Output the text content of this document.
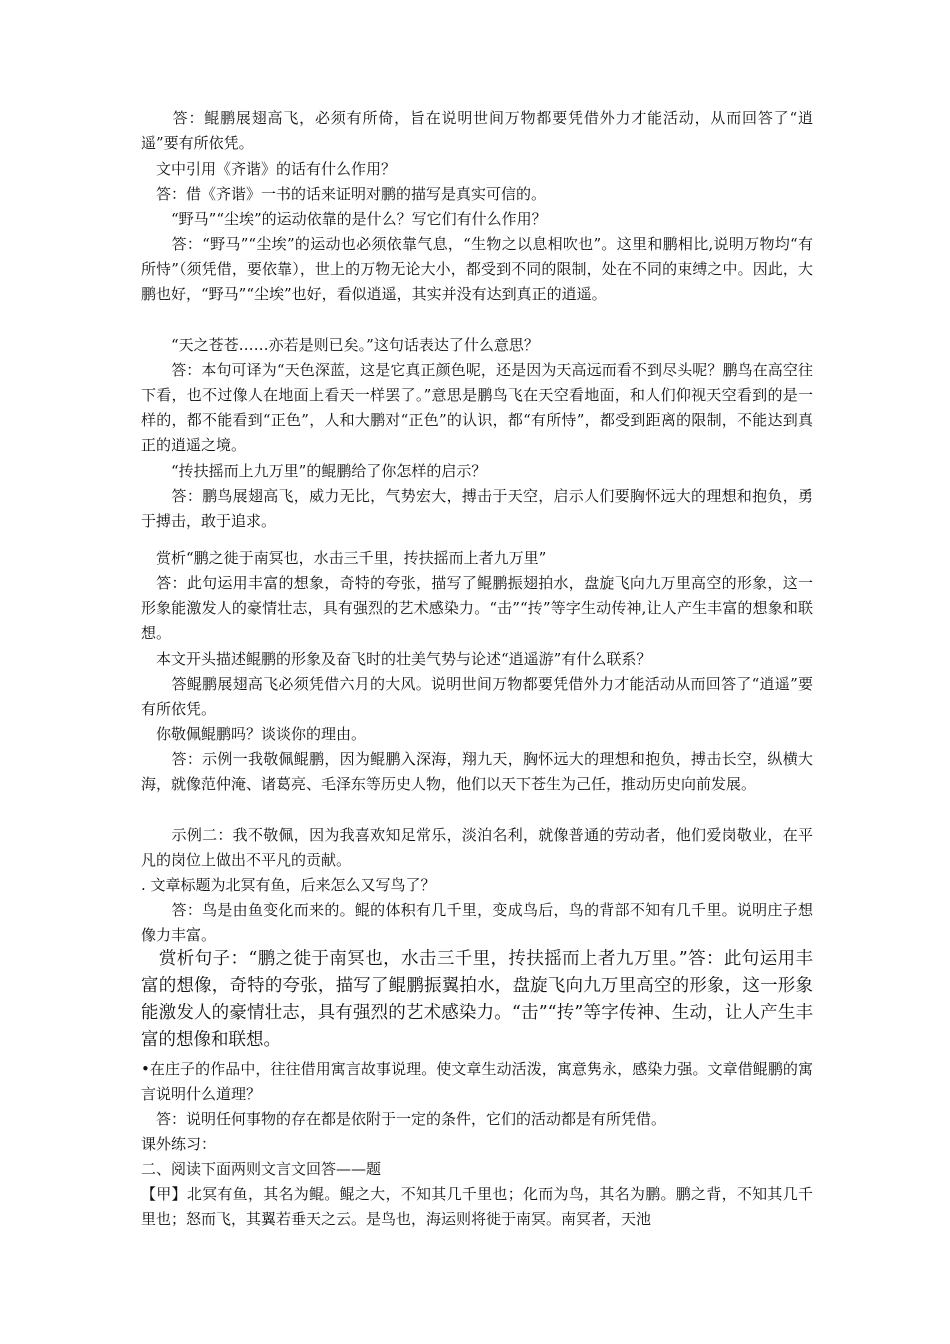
　　答：鲲鹏展翅高飞，必须有所倚，旨在说明世间万物都要凭借外力才能活动，从而回答了“逍遥”要有所依凭。

　文中引用《齐谐》的话有什么作用？

　答：借《齐谐》一书的话来证明对鹏的描写是真实可信的。

　　“野马”“尘埃”的运动依靠的是什么？写它们有什么作用？

　　答：“野马”“尘埃”的运动也必须依靠气息，“生物之以息相吹也”。这里和鹏相比,说明万物均“有所恃”（须凭借，要依靠），世上的万物无论大小，都受到不同的限制，处在不同的束缚之中。因此，大鹏也好，“野马”“尘埃”也好，看似逍遥，其实并没有达到真正的逍遥。

　　“天之苍苍……亦若是则已矣。”这句话表达了什么意思？

　　答：本句可译为“天色深蓝，这是它真正颜色呢，还是因为天高远而看不到尽头呢？鹏鸟在高空往下看，也不过像人在地面上看天一样罢了。”意思是鹏鸟飞在天空看地面，和人们仰视天空看到的是一样的，都不能看到“正色”，人和大鹏对“正色”的认识，都“有所恃”，都受到距离的限制，不能达到真正的逍遥之境。

　　“抟扶摇而上九万里”的鲲鹏给了你怎样的启示？

　　答：鹏鸟展翅高飞，威力无比，气势宏大，搏击于天空，启示人们要胸怀远大的理想和抱负，勇于搏击，敢于追求。

　赏析“鹏之徙于南冥也，水击三千里，抟扶摇而上者九万里”

　答：此句运用丰富的想象，奇特的夸张，描写了鲲鹏振翅拍水，盘旋飞向九万里高空的形象，这一形象能激发人的豪情壮志，具有强烈的艺术感染力。“击”“抟”等字生动传神,让人产生丰富的想象和联想。

　本文开头描述鲲鹏的形象及奋飞时的壮美气势与论述“逍遥游”有什么联系？

　　答鲲鹏展翅高飞必须凭借六月的大风。说明世间万物都要凭借外力才能活动从而回答了“逍遥”要有所依凭。

　你敬佩鲲鹏吗？谈谈你的理由。

　　答：示例一我敬佩鲲鹏，因为鲲鹏入深海，翔九天，胸怀远大的理想和抱负，搏击长空，纵横大海，就像范仲淹、诸葛亮、毛泽东等历史人物，他们以天下苍生为己任，推动历史向前发展。

　　示例二：我不敬佩，因为我喜欢知足常乐，淡泊名利，就像普通的劳动者，他们爱岗敬业，在平凡的岗位上做出不平凡的贡献。

. 文章标题为北冥有鱼，后来怎么又写鸟了？

　　答：鸟是由鱼变化而来的。鲲的体积有几千里，变成鸟后，鸟的背部不知有几千里。说明庄子想像力丰富。

　赏析句子：“鹏之徙于南冥也，水击三千里，抟扶摇而上者九万里。”答：此句运用丰富的想像，奇特的夸张，描写了鲲鹏振翼拍水，盘旋飞向九万里高空的形象，这一形象能激发人的豪情壮志，具有强烈的艺术感染力。“击”“抟”等字传神、生动，让人产生丰富的想像和联想。

•在庄子的作品中，往往借用寓言故事说理。使文章生动活泼，寓意隽永，感染力强。文章借鲲鹏的寓言说明什么道理？

　答：说明任何事物的存在都是依附于一定的条件，它们的活动都是有所凭借。

课外练习：

二、阅读下面两则文言文回答——题

【甲】北冥有鱼，其名为鲲。鲲之大，不知其几千里也；化而为鸟，其名为鹏。鹏之背，不知其几千里也；怒而飞，其翼若垂天之云。是鸟也，海运则将徙于南冥。南冥者，天池
